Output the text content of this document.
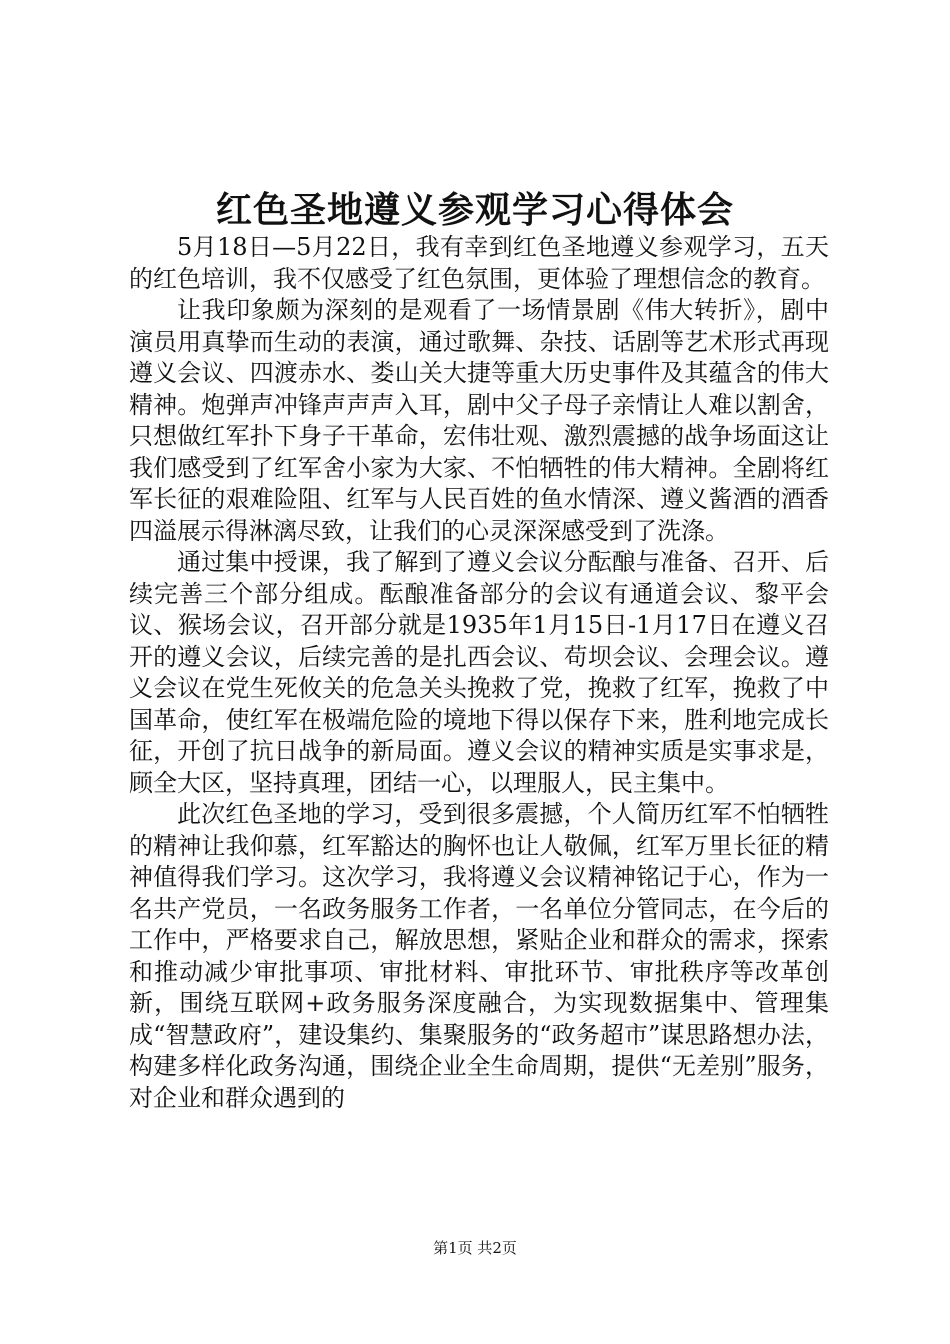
红色圣地遵义参观学习心得体会

5月18日—5月22日，我有幸到红色圣地遵义参观学习，五天的红色培训，我不仅感受了红色氛围，更体验了理想信念的教育。

让我印象颇为深刻的是观看了一场情景剧《伟大转折》，剧中演员用真挚而生动的表演，通过歌舞、杂技、话剧等艺术形式再现遵义会议、四渡赤水、娄山关大捷等重大历史事件及其蕴含的伟大精神。炮弹声冲锋声声声入耳，剧中父子母子亲情让人难以割舍，只想做红军扑下身子干革命，宏伟壮观、激烈震撼的战争场面这让我们感受到了红军舍小家为大家、不怕牺牲的伟大精神。全剧将红军长征的艰难险阻、红军与人民百姓的鱼水情深、遵义酱酒的酒香四溢展示得淋漓尽致，让我们的心灵深深感受到了洗涤。

通过集中授课，我了解到了遵义会议分酝酿与准备、召开、后续完善三个部分组成。酝酿准备部分的会议有通道会议、黎平会议、猴场会议，召开部分就是1935年1月15日-1月17日在遵义召开的遵义会议，后续完善的是扎西会议、苟坝会议、会理会议。遵义会议在党生死攸关的危急关头挽救了党，挽救了红军，挽救了中国革命，使红军在极端危险的境地下得以保存下来，胜利地完成长征，开创了抗日战争的新局面。遵义会议的精神实质是实事求是，顾全大区，坚持真理，团结一心，以理服人，民主集中。

此次红色圣地的学习，受到很多震撼，个人简历红军不怕牺牲的精神让我仰慕，红军豁达的胸怀也让人敬佩，红军万里长征的精神值得我们学习。这次学习，我将遵义会议精神铭记于心，作为一名共产党员，一名政务服务工作者，一名单位分管同志，在今后的工作中，严格要求自己，解放思想，紧贴企业和群众的需求，探索和推动减少审批事项、审批材料、审批环节、审批秩序等改革创新，围绕互联网+政务服务深度融合，为实现数据集中、管理集成“智慧政府”，建设集约、集聚服务的“政务超市”谋思路想办法，构建多样化政务沟通，围绕企业全生命周期，提供“无差别”服务，对企业和群众遇到的

第1页 共2页
